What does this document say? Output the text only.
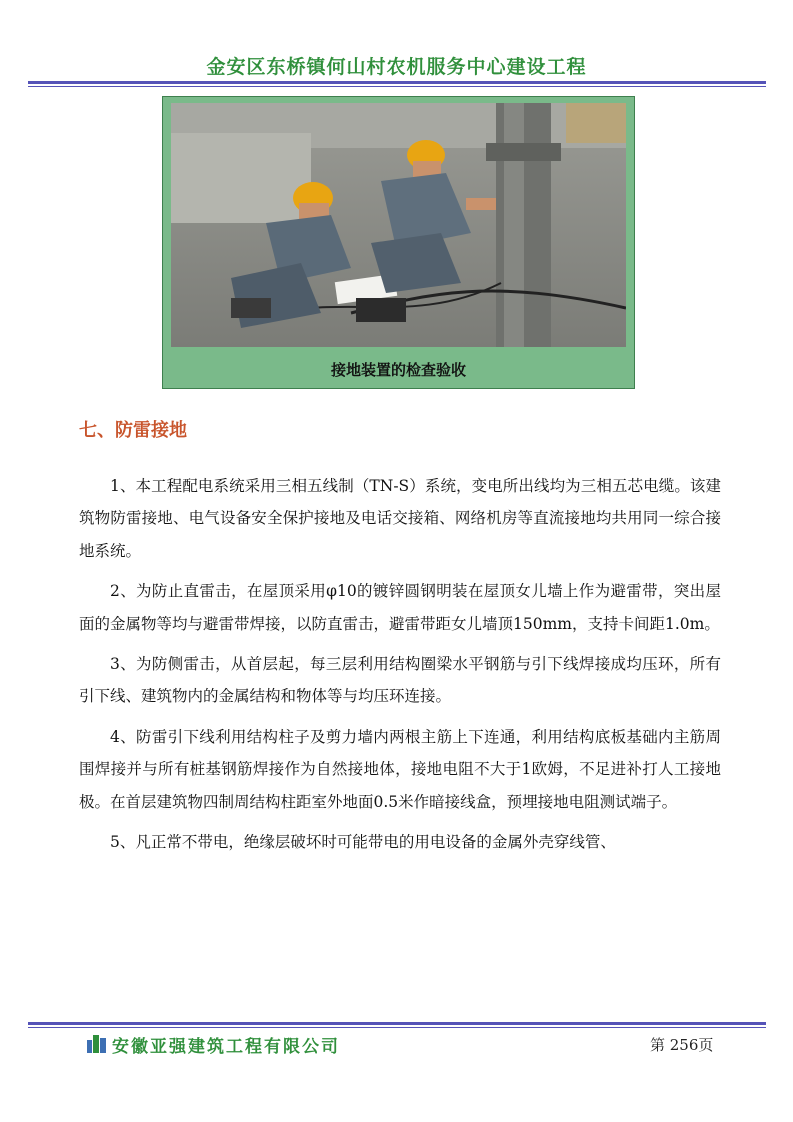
金安区东桥镇何山村农机服务中心建设工程
接地装置的检查验收
七、防雷接地

1、本工程配电系统采用三相五线制（TN-S）系统，变电所出线均为三相五芯电缆。该建筑物防雷接地、电气设备安全保护接地及电话交接箱、网络机房等直流接地均共用同一综合接地系统。

2、为防止直雷击，在屋顶采用φ10的镀锌圆钢明装在屋顶女儿墙上作为避雷带，突出屋面的金属物等均与避雷带焊接，以防直雷击，避雷带距女儿墙顶150mm，支持卡间距1.0m。

3、为防侧雷击，从首层起，每三层利用结构圈梁水平钢筋与引下线焊接成均压环，所有引下线、建筑物内的金属结构和物体等与均压环连接。

4、防雷引下线利用结构柱子及剪力墙内两根主筋上下连通，利用结构底板基础内主筋周围焊接并与所有桩基钢筋焊接作为自然接地体，接地电阻不大于1欧姆，不足进补打人工接地极。在首层建筑物四制周结构柱距室外地面0.5米作暗接线盒，预埋接地电阻测试端子。

5、凡正常不带电，绝缘层破坏时可能带电的用电设备的金属外壳穿线管、

安徽亚强建筑工程有限公司	第 256页
